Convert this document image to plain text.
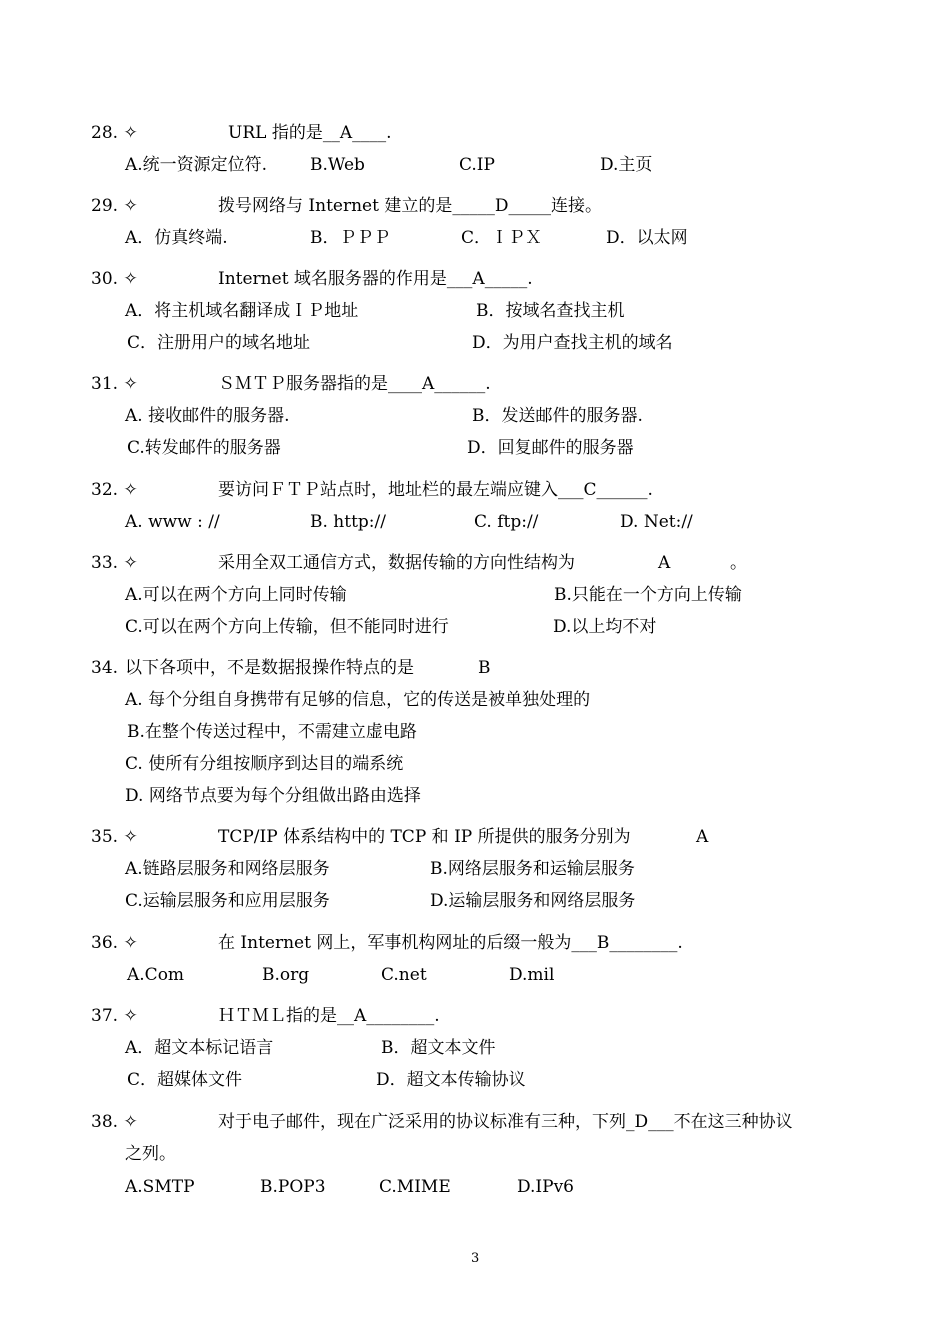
28. ✧	URL 指的是__A____.
A.统一资源定位符.	B.Web	C.IP	D.主页
29. ✧	拨号网络与 Internet 建立的是_____D_____连接。
A．仿真终端.	B．ＰＰＰ	C．ＩＰＸ	D．以太网
30. ✧	Internet 域名服务器的作用是___A_____.
A．将主机域名翻译成ＩＰ地址	B．按域名查找主机
C．注册用户的域名地址	D．为用户查找主机的域名
31. ✧	ＳＭＴＰ服务器指的是____A______.
A. 接收邮件的服务器.	B．发送邮件的服务器.
C.转发邮件的服务器	D．回复邮件的服务器
32. ✧	要访问ＦＴＰ站点时，地址栏的最左端应键入___C______.
A. www : //	B. http://	C. ftp://	D. Net://
33. ✧	采用全双工通信方式，数据传输的方向性结构为	A	。
A.可以在两个方向上同时传输	B.只能在一个方向上传输
C.可以在两个方向上传输，但不能同时进行	D.以上均不对
34. 以下各项中，不是数据报操作特点的是	B
A. 每个分组自身携带有足够的信息，它的传送是被单独处理的
B.在整个传送过程中，不需建立虚电路
C. 使所有分组按顺序到达目的端系统
D. 网络节点要为每个分组做出路由选择
35. ✧	TCP/IP 体系结构中的 TCP 和 IP 所提供的服务分别为	A
A.链路层服务和网络层服务	B.网络层服务和运输层服务
C.运输层服务和应用层服务	D.运输层服务和网络层服务
36. ✧	在 Internet 网上，军事机构网址的后缀一般为___B________.
A.Com	B.org	C.net	D.mil
37. ✧	ＨＴＭＬ指的是__A________.
A．超文本标记语言	B．超文本文件
C．超媒体文件	D．超文本传输协议
38. ✧	对于电子邮件，现在广泛采用的协议标准有三种，下列_D___不在这三种协议
之列。
A.SMTP	B.POP3	C.MIME	D.IPv6
3
